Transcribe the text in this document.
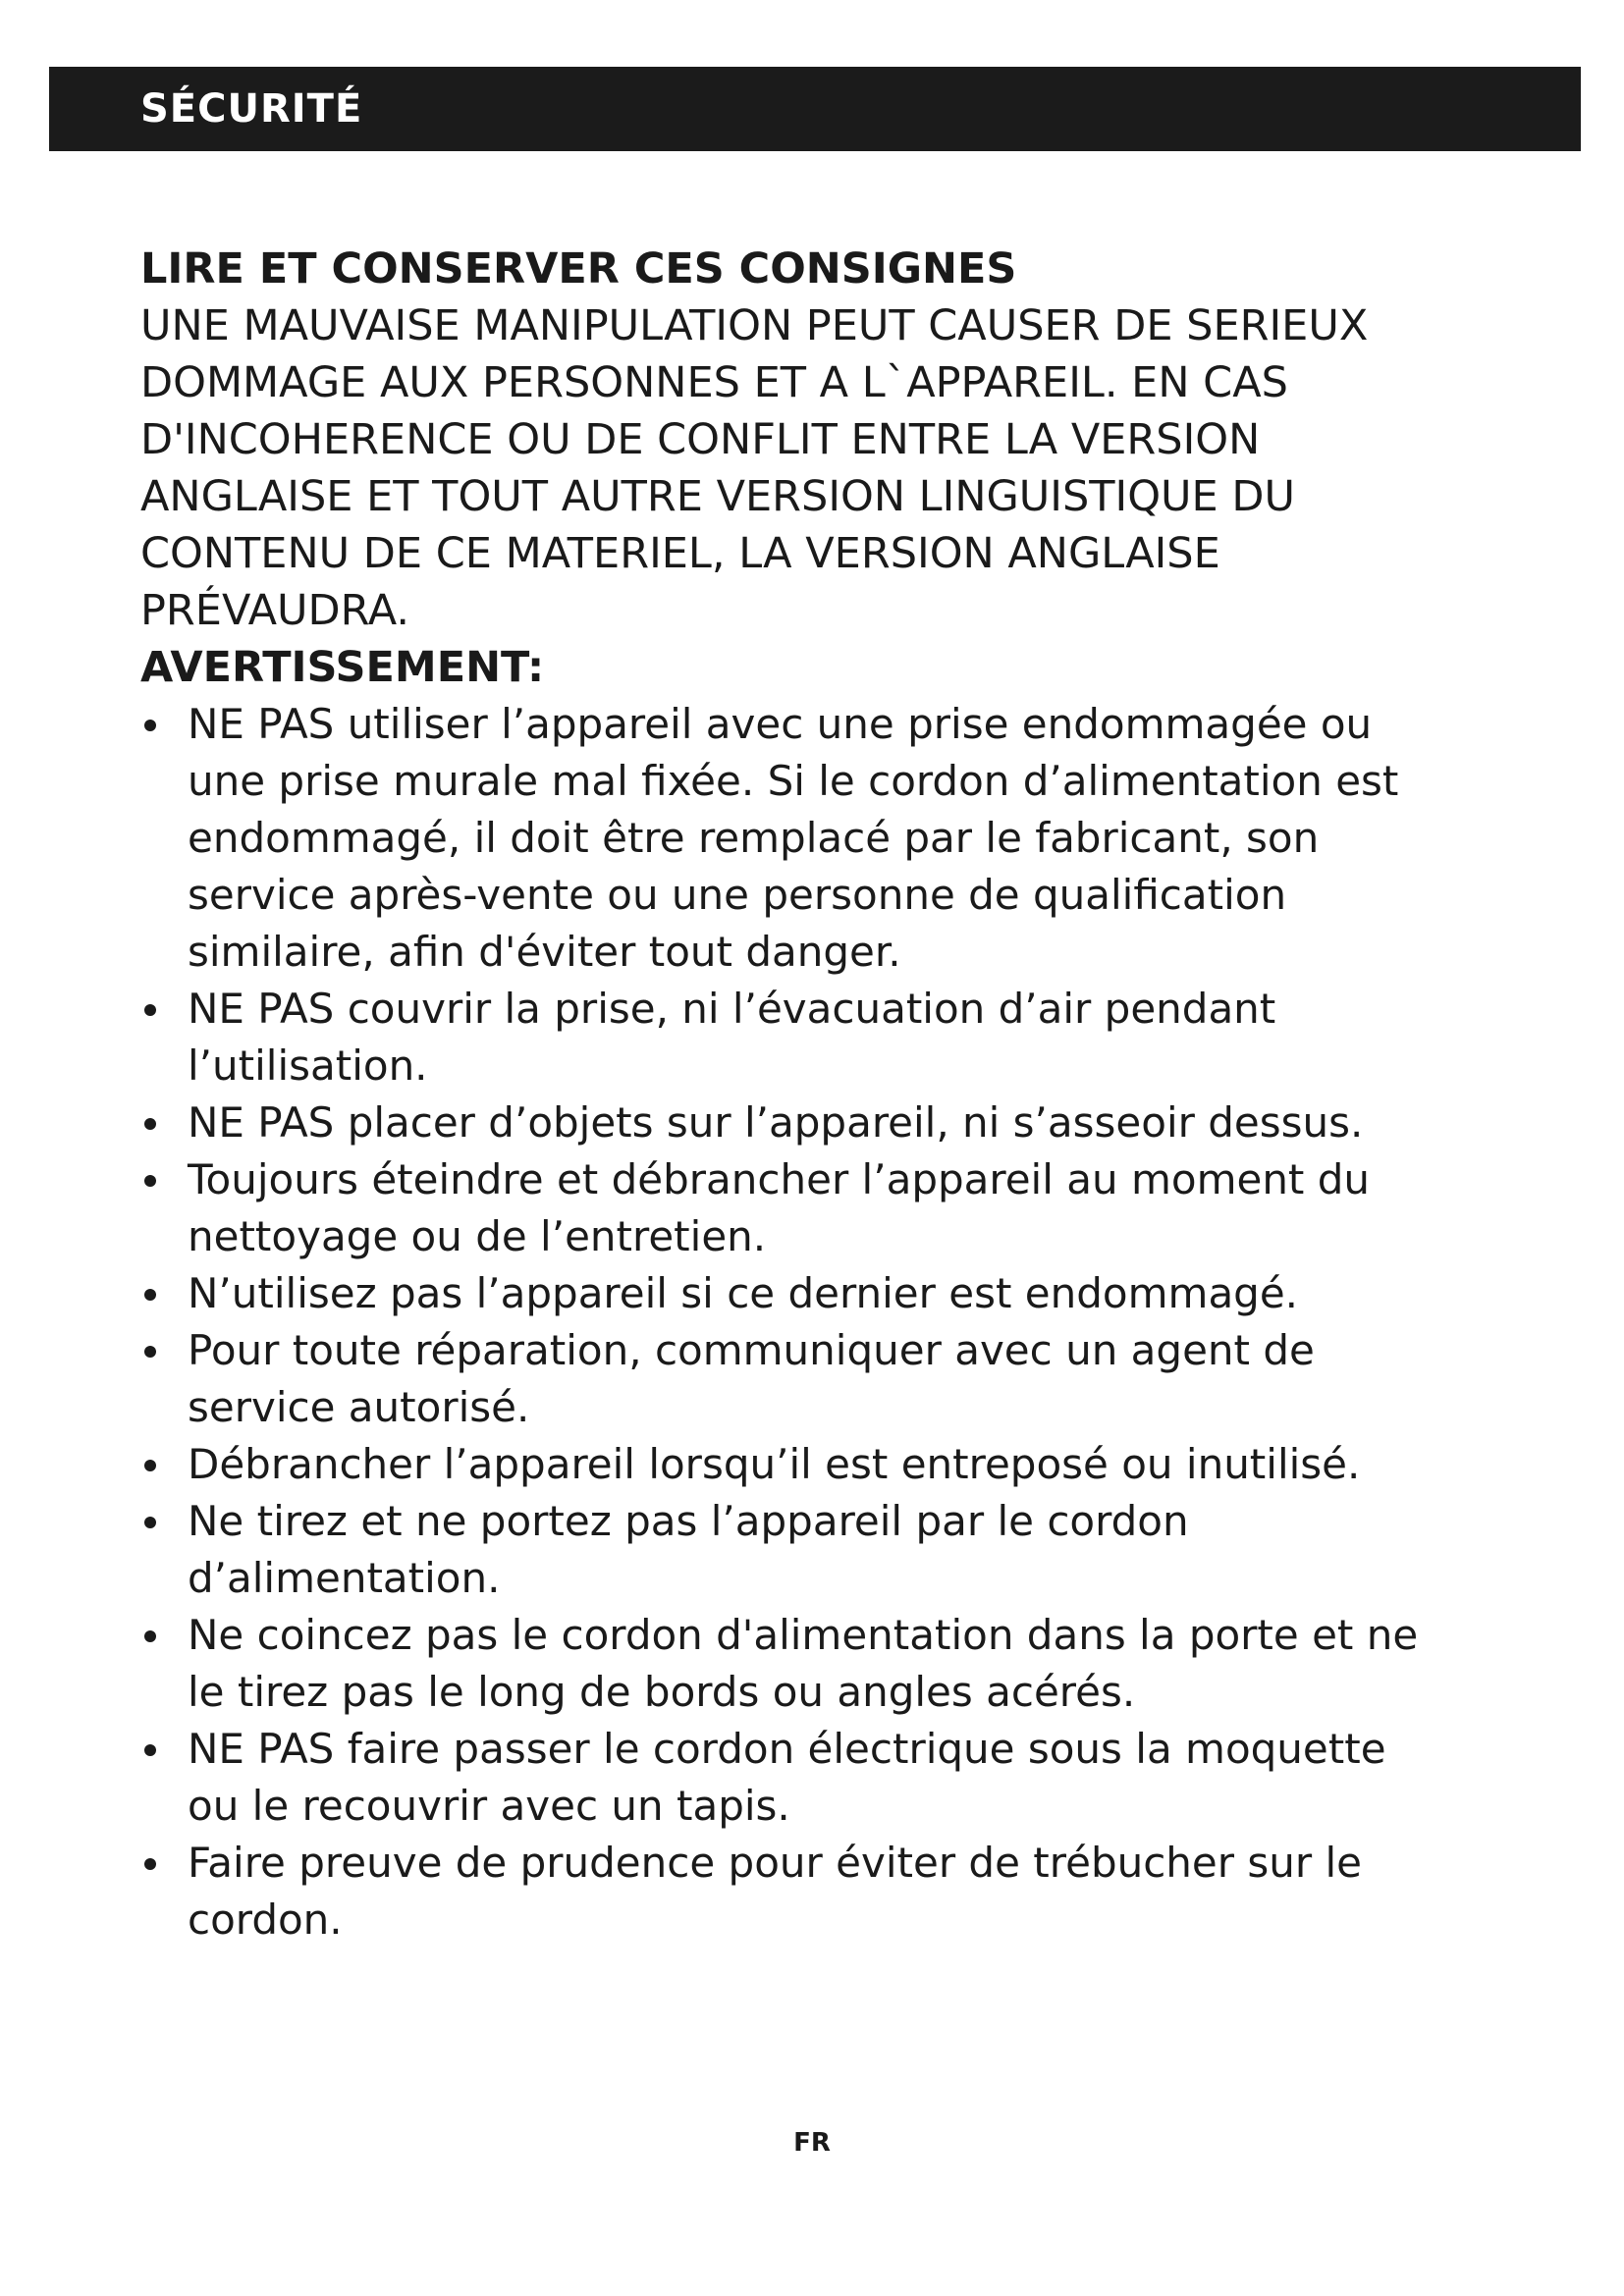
SÉCURITÉ

LIRE ET CONSERVER CES CONSIGNES

UNE MAUVAISE MANIPULATION PEUT CAUSER DE SERIEUX
DOMMAGE AUX PERSONNES ET A L`APPAREIL. EN CAS
D'INCOHERENCE OU DE CONFLIT ENTRE LA VERSION
ANGLAISE ET TOUT AUTRE VERSION LINGUISTIQUE DU
CONTENU DE CE MATERIEL, LA VERSION ANGLAISE
PRÉVAUDRA.

AVERTISSEMENT:

NE PAS utiliser l’appareil avec une prise endommagée ou
une prise murale mal fixée. Si le cordon d’alimentation est
endommagé, il doit être remplacé par le fabricant, son
service après-vente ou une personne de qualification
similaire, afin d'éviter tout danger.
NE PAS couvrir la prise, ni l’évacuation d’air pendant
l’utilisation.
NE PAS placer d’objets sur l’appareil, ni s’asseoir dessus.
Toujours éteindre et débrancher l’appareil au moment du
nettoyage ou de l’entretien.
N’utilisez pas l’appareil si ce dernier est endommagé.
Pour toute réparation, communiquer avec un agent de
service autorisé.
Débrancher l’appareil lorsqu’il est entreposé ou inutilisé.
Ne tirez et ne portez pas l’appareil par le cordon
d’alimentation.
Ne coincez pas le cordon d'alimentation dans la porte et ne
le tirez pas le long de bords ou angles acérés.
NE PAS faire passer le cordon électrique sous la moquette
ou le recouvrir avec un tapis.
Faire preuve de prudence pour éviter de trébucher sur le
cordon.
FR
